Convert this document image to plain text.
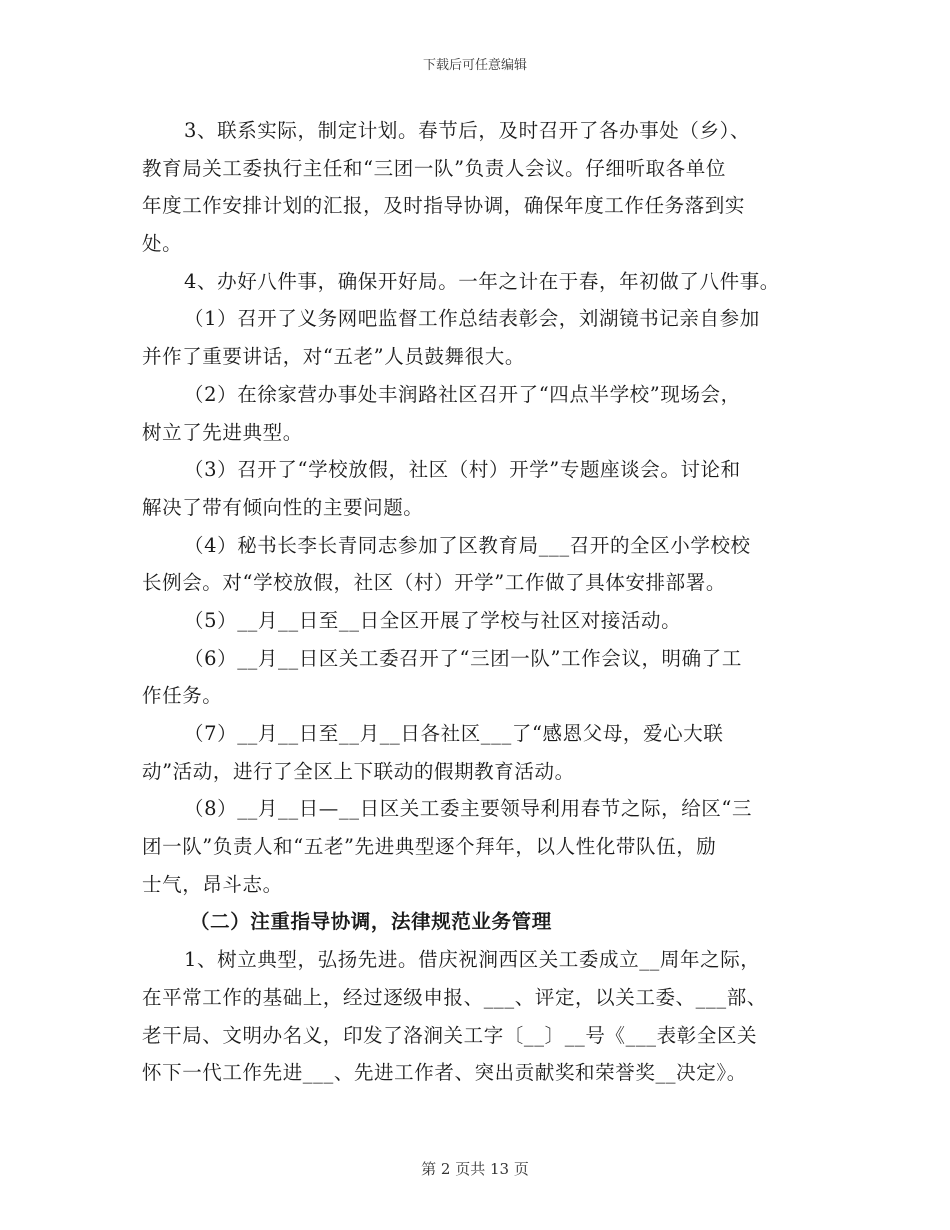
下载后可任意编辑
3、联系实际，制定计划。春节后，及时召开了各办事处（乡）、
教育局关工委执行主任和“三团一队”负责人会议。仔细听取各单位
年度工作安排计划的汇报，及时指导协调，确保年度工作任务落到实
处。
4、办好八件事，确保开好局。一年之计在于春，年初做了八件事。
（1）召开了义务网吧监督工作总结表彰会，刘湖镜书记亲自参加
并作了重要讲话，对“五老”人员鼓舞很大。
（2）在徐家营办事处丰润路社区召开了“四点半学校”现场会，
树立了先进典型。
（3）召开了“学校放假，社区（村）开学”专题座谈会。讨论和
解决了带有倾向性的主要问题。
（4）秘书长李长青同志参加了区教育局___召开的全区小学校校
长例会。对“学校放假，社区（村）开学”工作做了具体安排部署。
（5）__月__日至__日全区开展了学校与社区对接活动。
（6）__月__日区关工委召开了“三团一队”工作会议，明确了工
作任务。
（7）__月__日至__月__日各社区___了“感恩父母，爱心大联
动”活动，进行了全区上下联动的假期教育活动。
（8）__月__日—__日区关工委主要领导利用春节之际，给区“三
团一队”负责人和“五老”先进典型逐个拜年，以人性化带队伍，励
士气，昂斗志。
（二）注重指导协调，法律规范业务管理
1、树立典型，弘扬先进。借庆祝涧西区关工委成立__周年之际，
在平常工作的基础上，经过逐级申报、___、评定，以关工委、___部、
老干局、文明办名义，印发了洛涧关工字〔__〕__号《___表彰全区关
怀下一代工作先进___、先进工作者、突出贡献奖和荣誉奖__决定》。
第 2 页共 13 页
